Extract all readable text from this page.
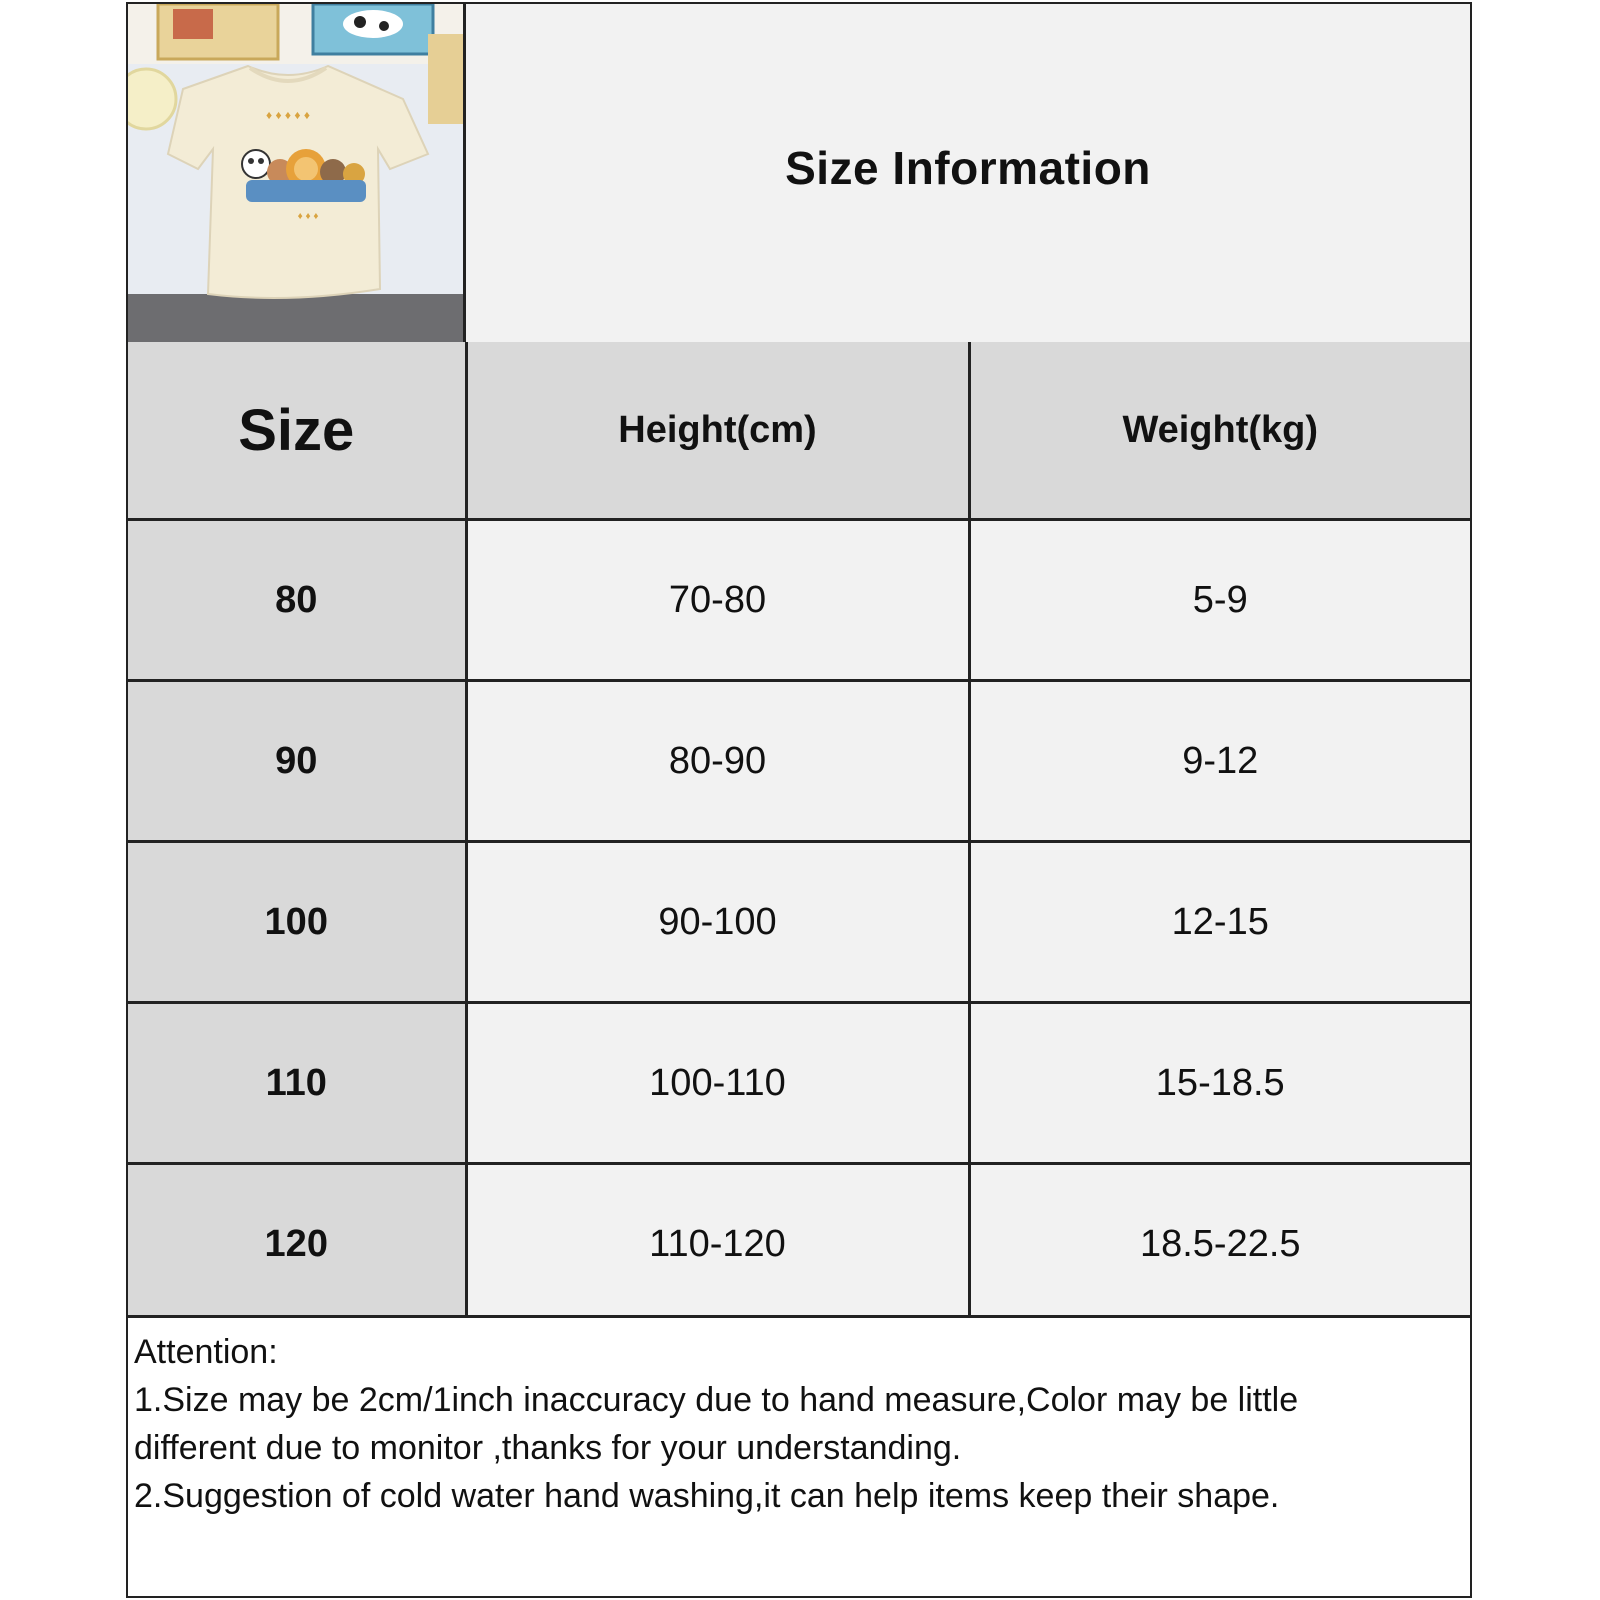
♦ ♦ ♦ ♦ ♦
♦ ♦ ♦
Size Information
Size	Height(cm)	Weight(kg)
80	70-80	5-9
90	80-90	9-12
100	90-100	12-15
110	100-110	15-18.5
120	110-120	18.5-22.5
Attention:
1.Size may be 2cm/1inch inaccuracy due to hand measure,Color may be little
different due to monitor ,thanks for your understanding.
2.Suggestion of cold water hand washing,it can help items keep their shape.
